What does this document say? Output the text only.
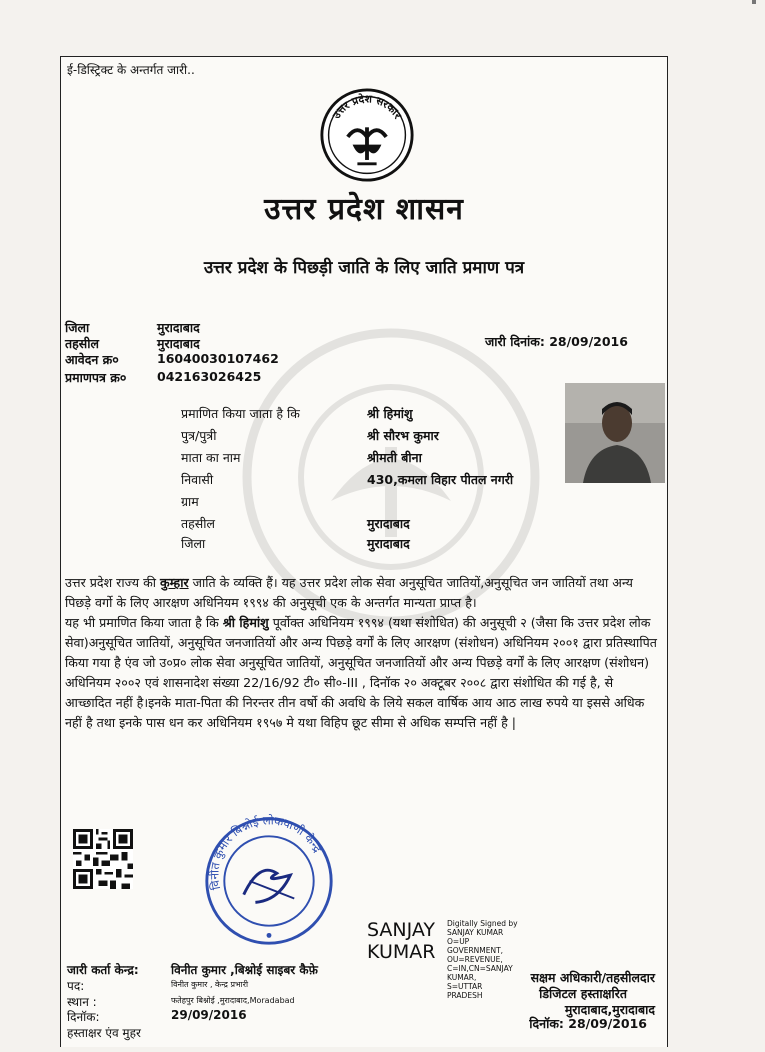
ई-डिस्ट्रिक्ट के अन्तर्गत जारी..
उत्तर प्रदेश सरकार
उत्तर प्रदेश शासन
उत्तर प्रदेश के पिछड़ी जाति के लिए जाति प्रमाण पत्र
जिला	मुरादाबाद
तहसील	मुरादाबाद
आवेदन क्र०	16040030107462
प्रमाणपत्र क्र० 042163026425
जारी दिनांक: 28/09/2016
प्रमाणित किया जाता है कि	श्री हिमांशु
पुत्र/पुत्री	श्री सौरभ कुमार
माता का नाम	श्रीमती बीना
निवासी	430,कमला विहार पीतल नगरी
ग्राम
तहसील	मुरादाबाद
जिला	मुरादाबाद
उत्तर प्रदेश राज्य की कुम्हार जाति के व्यक्ति हैं। यह उत्तर प्रदेश लोक सेवा अनुसूचित जातियों,अनुसूचित जन जातियों तथा अन्य पिछड़े वर्गो के लिए आरक्षण अधिनियम १९९४ की अनुसूची एक के अन्तर्गत मान्यता प्राप्त है।
यह भी प्रमाणित किया जाता है कि श्री हिमांशु पूर्वोक्त अधिनियम १९९४ (यथा संशोधित) की अनुसूची २ (जैसा कि उत्तर प्रदेश लोक सेवा)अनुसूचित जातियों, अनुसूचित जनजातियों और अन्य पिछड़े वर्गों के लिए आरक्षण (संशोधन) अधिनियम २००१ द्वारा प्रतिस्थापित किया गया है एंव जो उ०प्र० लोक सेवा अनुसूचित जातियों, अनुसूचित जनजातियों और अन्य पिछड़े वर्गों के लिए आरक्षण (संशोधन) अधिनियम २००२ एवं शासनादेश संख्या 22/16/92 टी० सी०-III , दिनॉक २० अक्टूबर २००८ द्वारा संशोधित की गई है, से आच्छादित नहीं है।इनके माता-पिता की निरन्तर तीन वर्षो की अवधि के लिये सकल वार्षिक आय आठ लाख रुपये या इससे अधिक नहीं है तथा इनके पास धन कर अधिनियम १९५७ मे यथा विहिप छूट सीमा से अधिक सम्पत्ति नहीं है |
विनीत कुमार बिश्नोई लोकवाणी केन्द्र
SANJAY KUMAR
Digitally Signed by
SANJAY KUMAR
O=UP
GOVERNMENT,
OU=REVENUE,
C=IN,CN=SANJAY
KUMAR,
S=UTTAR
PRADESH
जारी कर्ता केन्द्र:	विनीत कुमार ,बिश्नोई साइबर कैफ़े
पद:	विनीत कुमार , केन्द्र प्रभारी
स्थान :	फतेहपुर बिश्नोई ,मुरादाबाद,Moradabad
दिनॉक:	29/09/2016
हस्ताक्षर एंव मुहर
सक्षम अधिकारी/तहसीलदार
डिजिटल हस्ताक्षरित
मुरादाबाद,मुरादाबाद
दिनॉक: 28/09/2016
